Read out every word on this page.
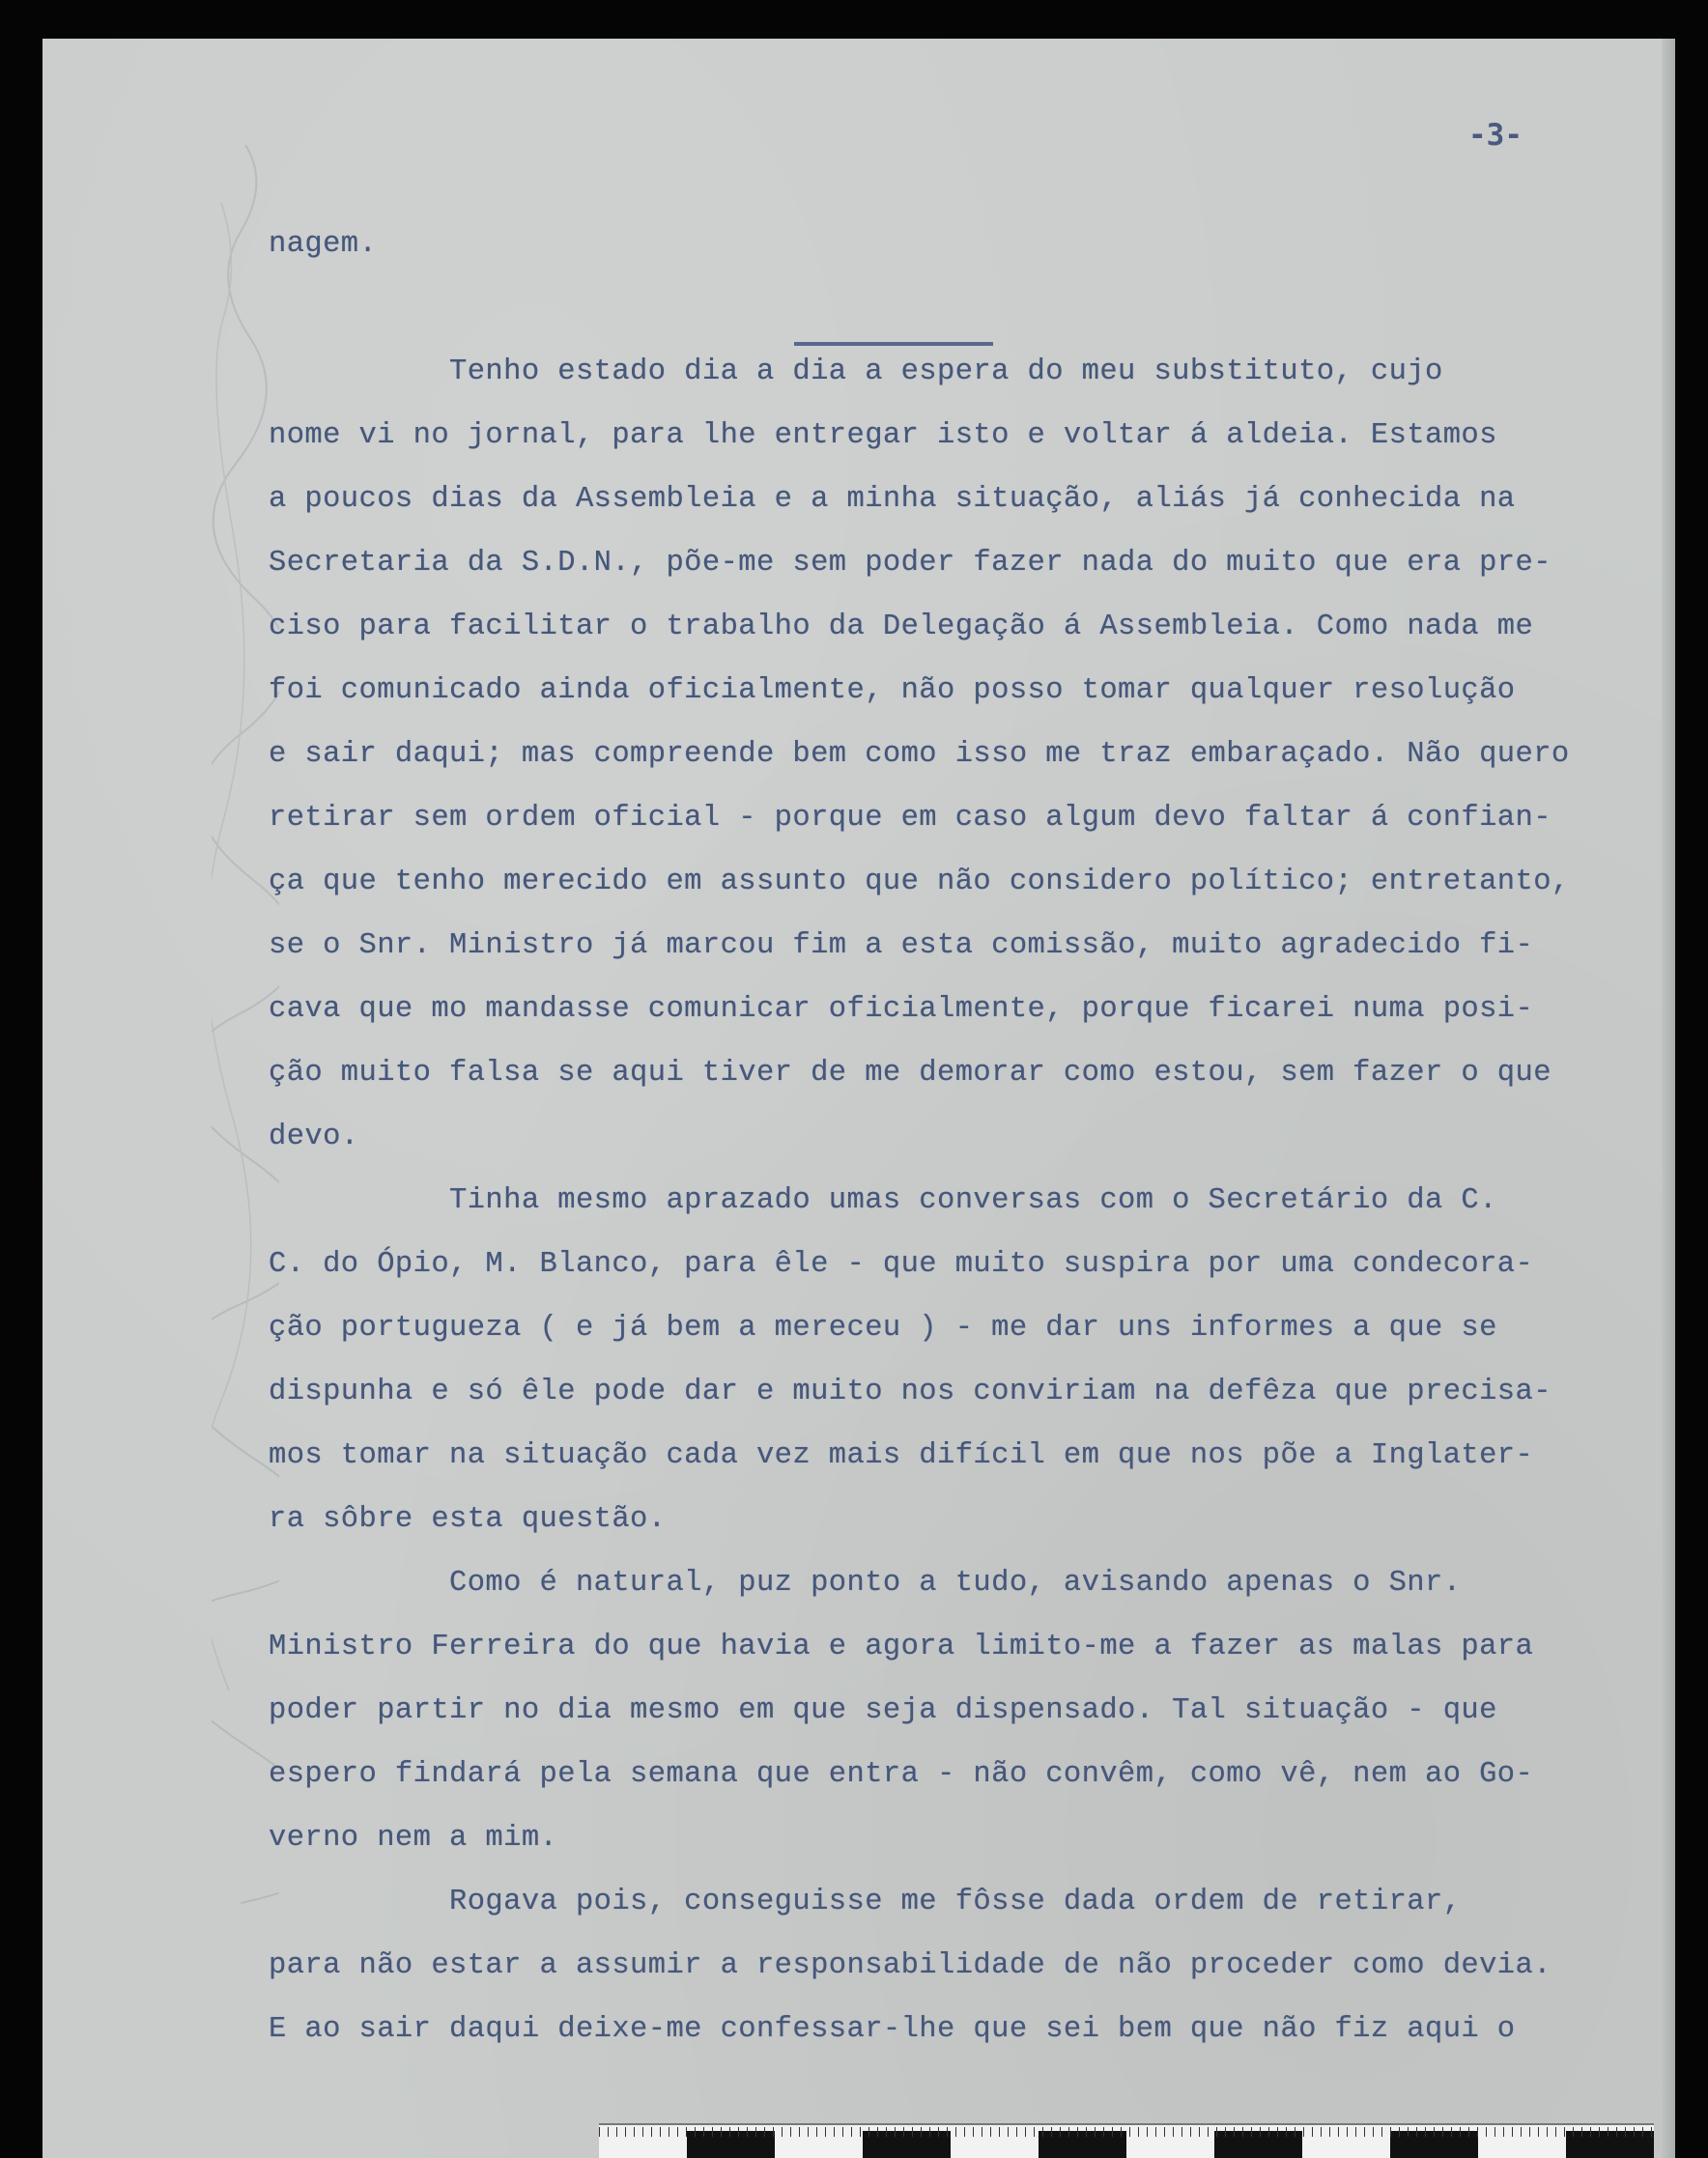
-3-
nagem.
Tenho estado dia a dia a espera do meu substituto, cujo
nome vi no jornal, para lhe entregar isto e voltar á aldeia. Estamos
a poucos dias da Assembleia e a minha situação, aliás já conhecida na
Secretaria da S.D.N., põe-me sem poder fazer nada do muito que era pre-
ciso para facilitar o trabalho da Delegação á Assembleia. Como nada me
foi comunicado ainda oficialmente, não posso tomar qualquer resolução
e sair daqui; mas compreende bem como isso me traz embaraçado. Não quero
retirar sem ordem oficial - porque em caso algum devo faltar á confian-
ça que tenho merecido em assunto que não considero político; entretanto,
se o Snr. Ministro já marcou fim a esta comissão, muito agradecido fi-
cava que mo mandasse comunicar oficialmente, porque ficarei numa posi-
ção muito falsa se aqui tiver de me demorar como estou, sem fazer o que
devo.
Tinha mesmo aprazado umas conversas com o Secretário da C.
C. do Ópio, M. Blanco, para êle - que muito suspira por uma condecora-
ção portugueza ( e já bem a mereceu ) - me dar uns informes a que se
dispunha e só êle pode dar e muito nos conviriam na defêza que precisa-
mos tomar na situação cada vez mais difícil em que nos põe a Inglater-
ra sôbre esta questão.
Como é natural, puz ponto a tudo, avisando apenas o Snr.
Ministro Ferreira do que havia e agora limito-me a fazer as malas para
poder partir no dia mesmo em que seja dispensado. Tal situação - que
espero findará pela semana que entra - não convêm, como vê, nem ao Go-
verno nem a mim.
Rogava pois, conseguisse me fôsse dada ordem de retirar,
para não estar a assumir a responsabilidade de não proceder como devia.
E ao sair daqui deixe-me confessar-lhe que sei bem que não fiz aqui o
